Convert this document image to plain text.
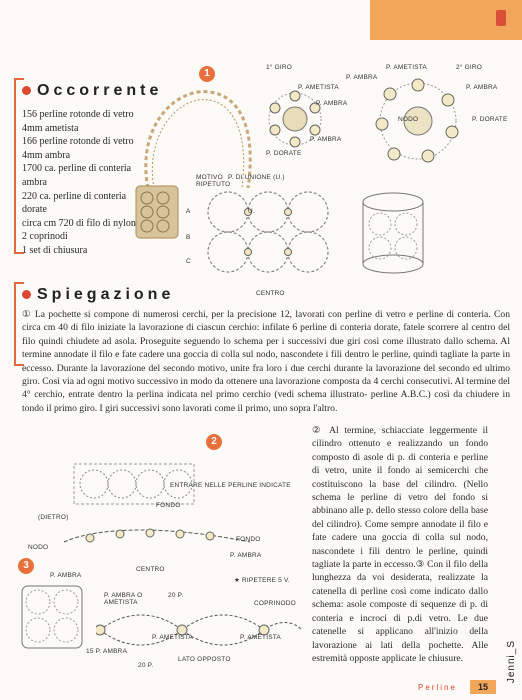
Occorrente
156 perline rotonde di vetro
4mm ametista
166 perline rotonde di vetro
4mm ambra
1700 ca. perline di conteria
ambra
220 ca. perline di conteria
dorate
circa cm 720 di filo di nylon
2 coprinodi
1 set di chiusura
1
1° GIRO
P. AMETISTA
P. AMBRA
P. AMBRA
P. DORATE
P. AMETISTA	2° GIRO
P. AMBRA
P. AMBRA
NODO	P. DORATE
MOTIVO RIPETUTO
P. DI UNIONE (U.)
U.
A
B
C
CENTRO
Spiegazione
① La pochette si compone di numerosi cerchi, per la precisione 12, lavorati con perline di vetro e perline di conteria. Con circa cm 40 di filo iniziate la lavorazione di ciascun cerchio: infilate 6 perline di conteria dorate, fatele scorrere al centro del filo quindi chiudete ad asola. Proseguite seguendo lo schema per i successivi due giri così come illustrato dallo schema. Al termine annodate il filo e fate cadere una goccia di colla sul nodo, nascondete i fili dentro le perline, quindi tagliate la parte in eccesso. Durante la lavorazione del secondo motivo, unite fra loro i due cerchi durante la lavorazione del secondo ed ultimo giro. Così via ad ogni motivo successivo in modo da ottenere una lavorazione composta da 4 cerchi consecutivi. Al termine del 4° cerchio, entrate dentro la perlina indicata nel primo cerchio (vedi schema illustrato- perline A.B.C.) così da chiudere in tondo il primo giro. I giri successivi sono lavorati come il primo, uno sopra l'altro.
2
ENTRARE NELLE PERLINE INDICATE
FONDO
(DIETRO)
NODO
FONDO
P. AMBRA
CENTRO
3
P. AMBRA
P. AMBRA O AMETISTA
20 P.
★ RIPETERE 5 V.
COPRINODO
P. AMETISTA	P. AMETISTA
15 P. AMBRA
20 P.
LATO OPPOSTO
② Al termine, schiacciate leggermente il cilindro ottenuto e realizzando un fondo composto di asole di p. di conteria e perline di vetro, unite il fondo ai semicerchi che costituiscono la base del cilindro. (Nello schema le perline di vetro del fondo si abbinano alle p. dello stesso colore della base del cilindro). Come sempre annodate il filo e fate cadere una goccia di colla sul nodo, nascondete i fili dentro le perline, quindi tagliate la parte in eccesso.③ Con il filo della lunghezza da voi desiderata, realizzate la catenella di perline così come indicato dallo schema: asole composte di sequenze di p. di conteria e incroci di p.di vetro. Le due catenelle si applicano all'inizio della lavorazione ai lati della pochette. Alle estremità opposte applicate le chiusure.
Perline	15
Jenni_S
